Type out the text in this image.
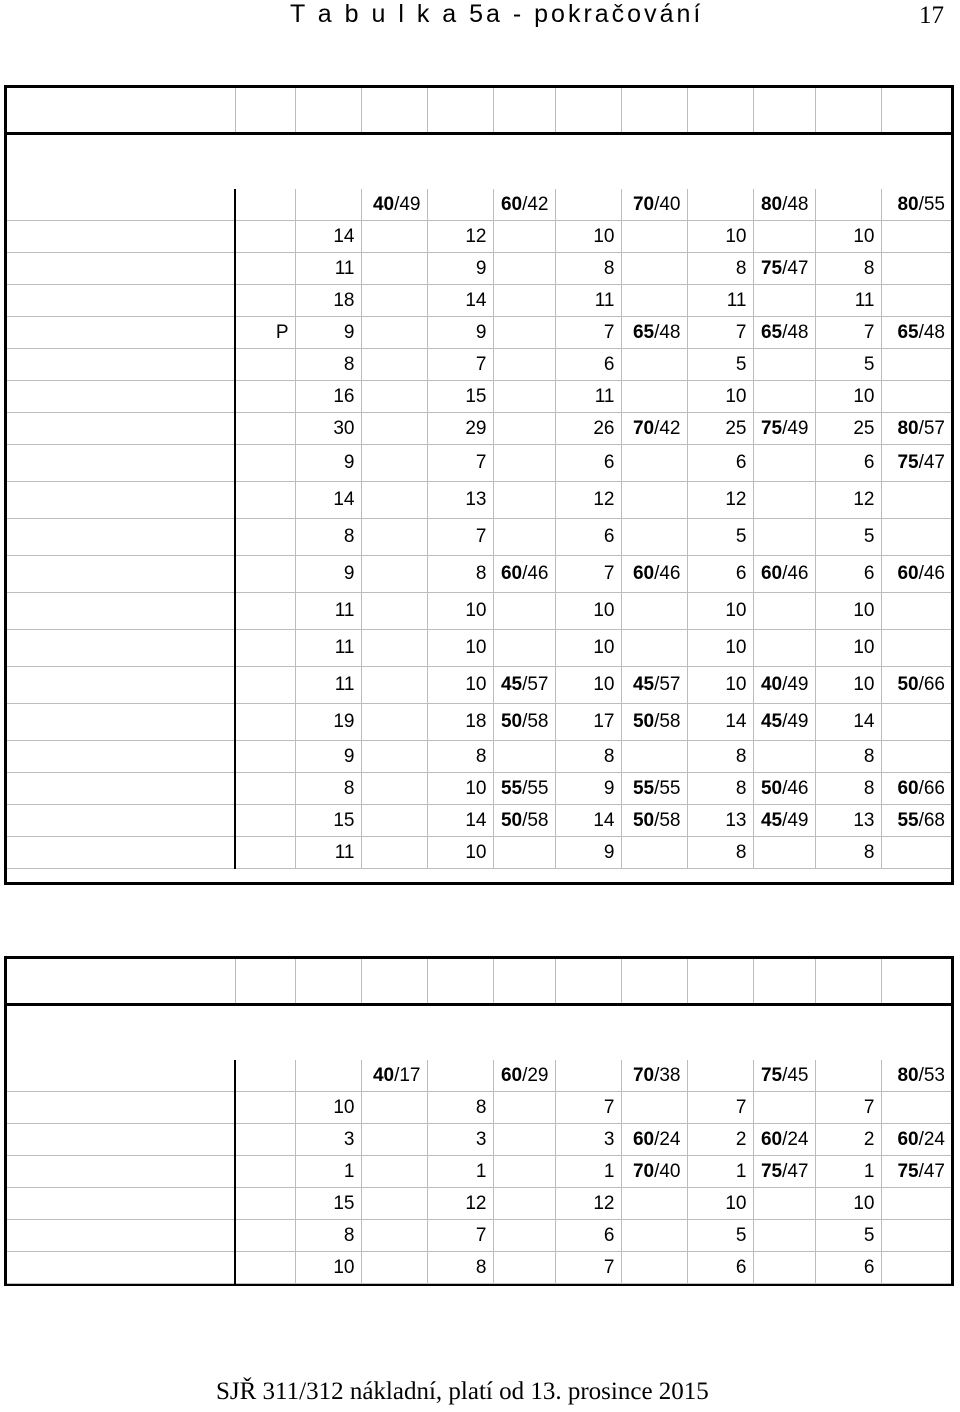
T a b u l k a 5a - pokračování	17

			40/49		60/42		70/40		80/48		80/55
		14		12		10		10		10	
		11		9		8		8	75/47	8	
		18		14		11		11		11	
	P	9		9		7	65/48	7	65/48	7	65/48
		8		7		6		5		5	
		16		15		11		10		10	
		30		29		26	70/42	25	75/49	25	80/57
		9		7		6		6		6	75/47
		14		13		12		12		12	
		8		7		6		5		5	
		9		8	60/46	7	60/46	6	60/46	6	60/46
		11		10		10		10		10	
		11		10		10		10		10	
		11		10	45/57	10	45/57	10	40/49	10	50/66
		19		18	50/58	17	50/58	14	45/49	14	
		9		8		8		8		8	
		8		10	55/55	9	55/55	8	50/46	8	60/66
		15		14	50/58	14	50/58	13	45/49	13	55/68
		11		10		9		8		8	

			40/17		60/29		70/38		75/45		80/53
		10		8		7		7		7	
		3		3		3	60/24	2	60/24	2	60/24
		1		1		1	70/40	1	75/47	1	75/47
		15		12		12		10		10	
		8		7		6		5		5	
		10		8		7		6		6	
SJŘ 311/312 nákladní, platí od 13. prosince 2015
